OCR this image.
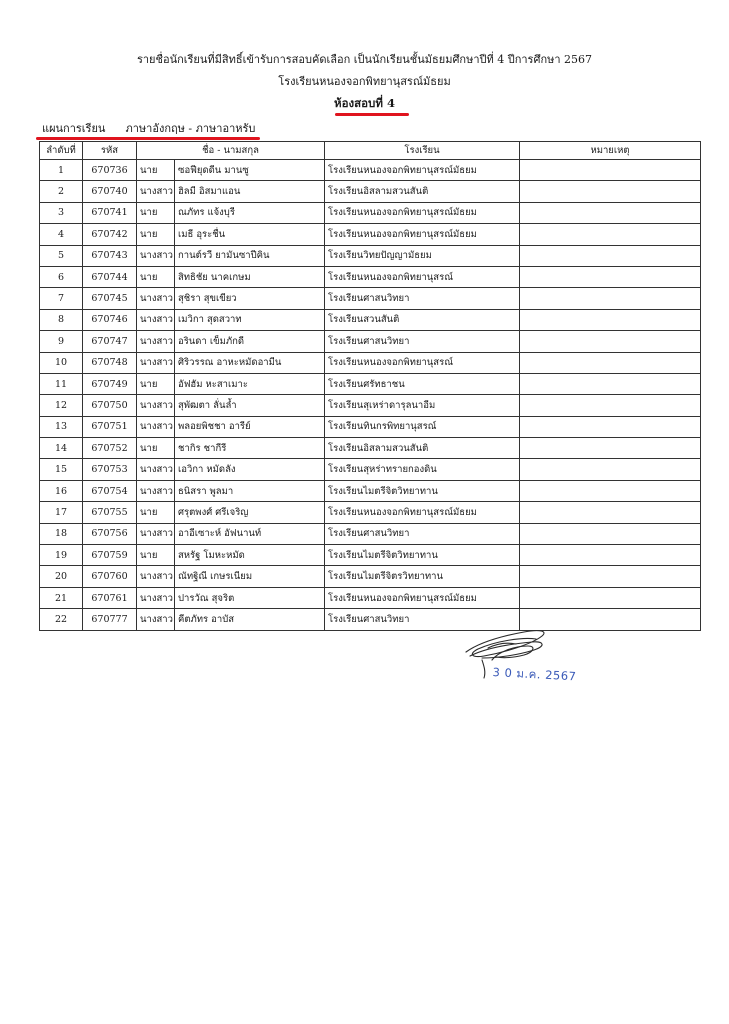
รายชื่อนักเรียนที่มีสิทธิ์เข้ารับการสอบคัดเลือก เป็นนักเรียนชั้นมัธยมศึกษาปีที่ 4 ปีการศึกษา 2567
โรงเรียนหนองจอกพิทยานุสรณ์มัธยม
ห้องสอบที่ 4
แผนการเรียน ภาษาอังกฤษ - ภาษาอาหรับ
ลำดับที่	รหัส	ชื่อ - นามสกุล		โรงเรียน	หมายเหตุ
1	670736	นาย	ซอฟียุดดีน มานซู	โรงเรียนหนองจอกพิทยานุสรณ์มัธยม	
2	670740	นางสาว	ฮิลมี อิสมาแอน	โรงเรียนอิสลามสวนสันติ	
3	670741	นาย	ณภัทร แจ้งบุรี	โรงเรียนหนองจอกพิทยานุสรณ์มัธยม	
4	670742	นาย	เมธี อุระชื่น	โรงเรียนหนองจอกพิทยานุสรณ์มัธยม	
5	670743	นางสาว	กานต์รวี ยามันซาปีคิน	โรงเรียนวิทยปัญญามัธยม	
6	670744	นาย	สิทธิชัย นาคเกษม	โรงเรียนหนองจอกพิทยานุสรณ์	
7	670745	นางสาว	สุชิรา สุขเขียว	โรงเรียนศาสนวิทยา	
8	670746	นางสาว	เมวิกา สุดสวาท	โรงเรียนสวนสันติ	
9	670747	นางสาว	อรินดา เข็มภักดี	โรงเรียนศาสนวิทยา	
10	670748	นางสาว	ศิริวรรณ อาหะหมัดอามีน	โรงเรียนหนองจอกพิทยานุสรณ์	
11	670749	นาย	อัฟฮัม หะสาเมาะ	โรงเรียนศรัทธาชน	
12	670750	นางสาว	สุพัฒตา ลั่นล้ำ	โรงเรียนสุเหร่าดารุลนาอีม	
13	670751	นางสาว	พลอยพิชชา อารีย์	โรงเรียนทินกรพิทยานุสรณ์	
14	670752	นาย	ชากิร ชากีรี	โรงเรียนอิสลามสวนสันติ	
15	670753	นางสาว	เอวิกา หมัดลัง	โรงเรียนสุหร่าทรายกองดิน	
16	670754	นางสาว	ธนิสรา พูลมา	โรงเรียนไมตรีจิตวิทยาทาน	
17	670755	นาย	ศรุตพงศ์ ศรีเจริญ	โรงเรียนหนองจอกพิทยานุสรณ์มัธยม	
18	670756	นางสาว	อาอีเซาะห์ อัฟนานท์	โรงเรียนศาสนวิทยา	
19	670759	นาย	สหรัฐ โมหะหมัด	โรงเรียนไมตรีจิตวิทยาทาน	
20	670760	นางสาว	ณัทฐิณี เกษรเนียม	โรงเรียนไมตรีจิตรวิทยาทาน	
21	670761	นางสาว	ปารวัณ สุจริต	โรงเรียนหนองจอกพิทยานุสรณ์มัธยม	
22	670777	นางสาว	คีตภัทร อาบัส	โรงเรียนศาสนวิทยา	
3 0 ม.ค. 2567
